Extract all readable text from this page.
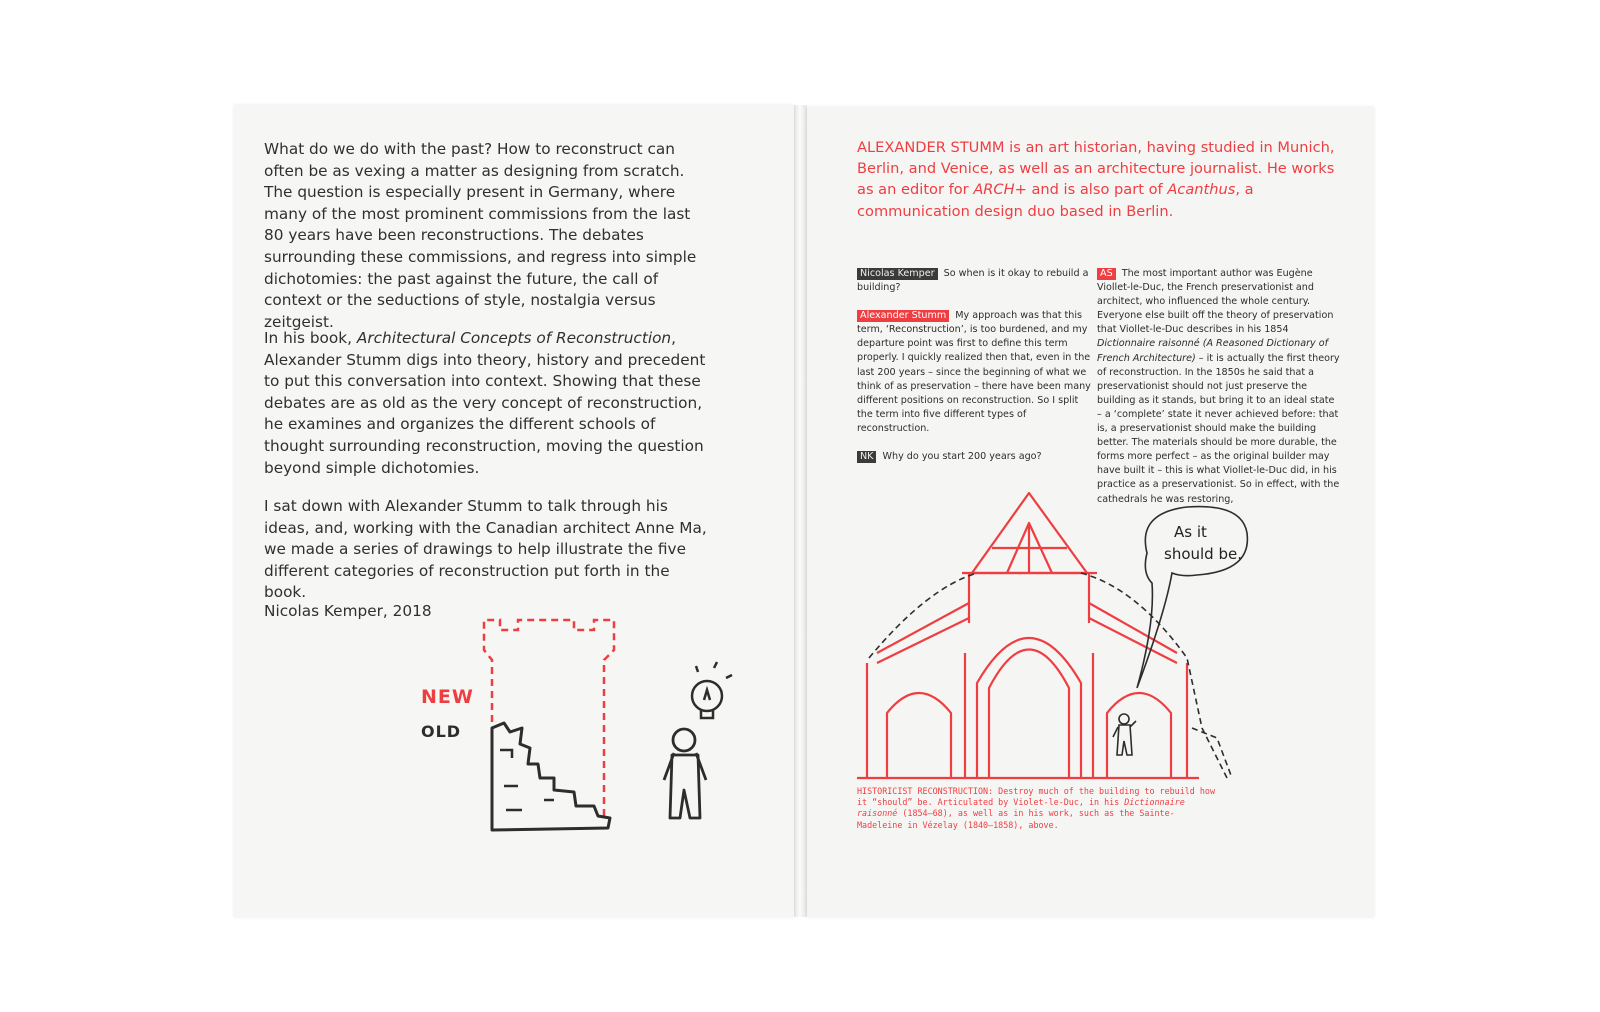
What do we do with the past? How to reconstruct can often be as vexing a matter as designing from scratch. The question is especially present in Germany, where many of the most prominent commissions from the last 80 years have been reconstructions. The debates surrounding these commissions, and regress into simple dichotomies: the past against the future, the call of context or the seductions of style, nostalgia versus zeitgeist.

In his book, Architectural Concepts of Reconstruction, Alexander Stumm digs into theory, history and precedent to put this conversation into context. Showing that these debates are as old as the very concept of reconstruction, he examines and organizes the different schools of thought surrounding reconstruction, moving the question beyond simple dichotomies.

I sat down with Alexander Stumm to talk through his ideas, and, working with the Canadian architect Anne Ma, we made a series of drawings to help illustrate the five different categories of reconstruction put forth in the book.

Nicolas Kemper, 2018

NEW
OLD

ALEXANDER STUMM is an art historian, having studied in Munich, Berlin, and Venice, as well as an architecture journalist. He works as an editor for ARCH+ and is also part of Acanthus, a communication design duo based in Berlin.

Nicolas Kemper So when is it okay to rebuild a building?

Alexander Stumm My approach was that this term, ‘Reconstruction’, is too burdened, and my departure point was first to define this term properly. I quickly realized then that, even in the last 200 years – since the beginning of what we think of as preservation – there have been many different positions on reconstruction. So I split the term into five different types of reconstruction.

NK Why do you start 200 years ago?

AS The most important author was Eugène Viollet-le-Duc, the French preservationist and architect, who influenced the whole century. Everyone else built off the theory of preservation that Viollet-le-Duc describes in his 1854 Dictionnaire raisonné (A Reasoned Dictionary of French Architecture) – it is actually the first theory of reconstruction. In the 1850s he said that a preservationist should not just preserve the building as it stands, but bring it to an ideal state – a ‘complete’ state it never achieved before: that is, a preservationist should make the building better. The materials should be more durable, the forms more perfect – as the original builder may have built it – this is what Viollet-le-Duc did, in his practice as a preservationist. So in effect, with the cathedrals he was restoring,

As it
should be.

HISTORICIST RECONSTRUCTION: Destroy much of the building to rebuild how it “should” be. Articulated by Violet-le-Duc, in his Dictionnaire raisonné (1854–68), as well as in his work, such as the Sainte-Madeleine in Vézelay (1840–1858), above.
